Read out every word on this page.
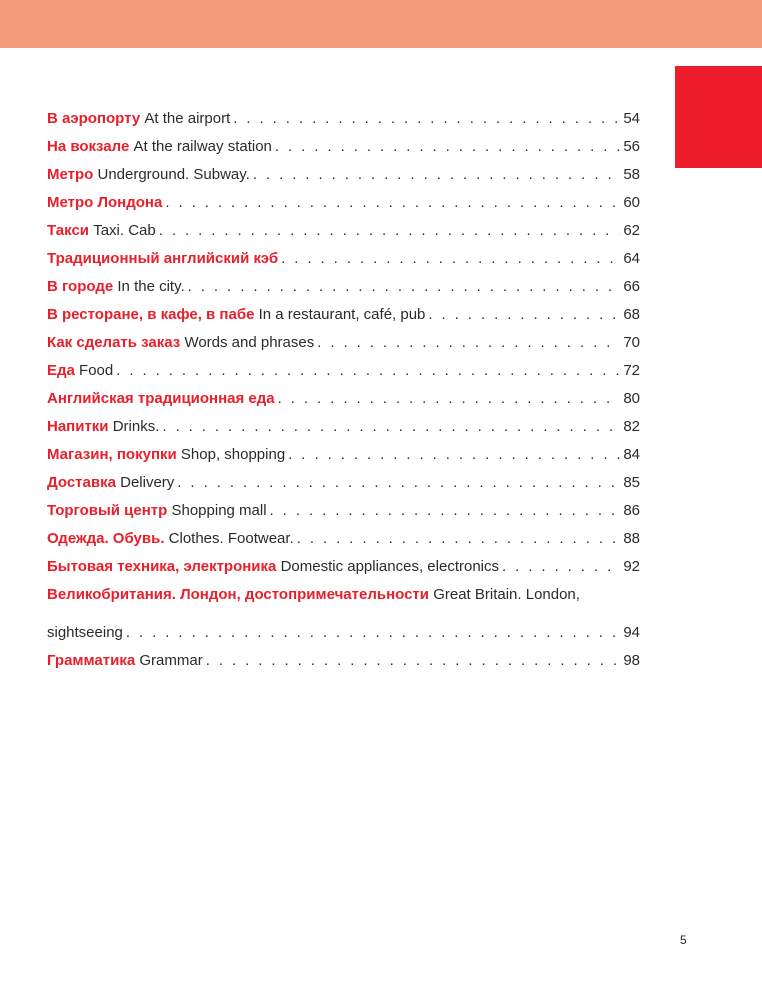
В аэропорту At the airport . . .	54
На вокзале At the railway station . . .	56
Метро Underground. Subway. . . .	58
Метро Лондона . . .	60
Такси Taxi. Cab . . .	62
Традиционный английский кэб . . .	64
В городе In the city. . . .	66
В ресторане, в кафе, в пабе In a restaurant, café, pub . . .	68
Как сделать заказ Words and phrases . . .	70
Еда Food . . .	72
Английская традиционная еда . . .	80
Напитки Drinks. . . .	82
Магазин, покупки Shop, shopping . . .	84
Доставка Delivery . . .	85
Торговый центр Shopping mall . . .	86
Одежда. Обувь. Clothes. Footwear. . . .	88
Бытовая техника, электроника Domestic appliances, electronics . . .	92
Великобритания. Лондон, достопримечательности Great Britain. London,
sightseeing . . .	94
Грамматика Grammar . . .	98
5
